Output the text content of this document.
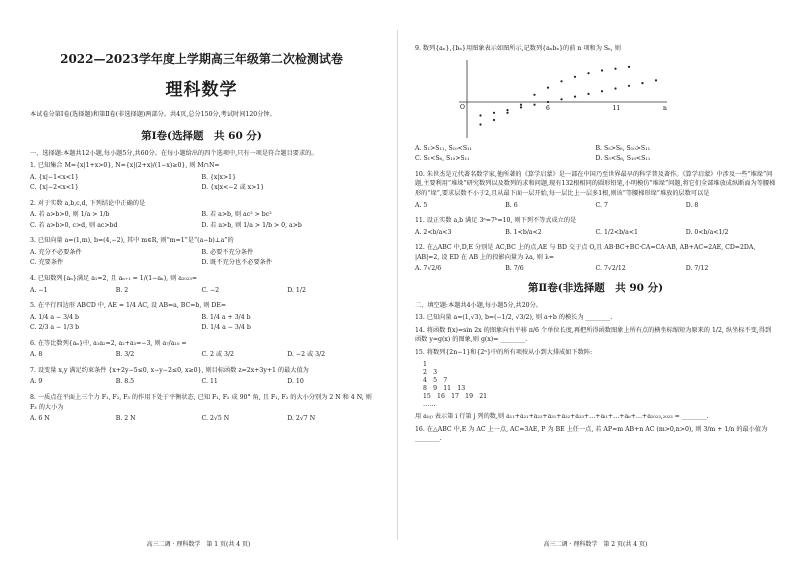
2022—2023学年度上学期高三年级第二次检测试卷
理科数学
本试卷分第Ⅰ卷(选择题)和第Ⅱ卷(非选择题)两部分。共4页,总分150分,考试时间120分钟。
第Ⅰ卷(选择题　共 60 分)
一、选择题:本题共12小题,每小题5分,共60分。在每小题给出的四个选项中,只有一项是符合题目要求的。
1. 已知集合 M={x|1+x>0}, N={x|(2+x)/(1−x)≥0}, 则 M∩N=
A. {x|−1<x<1}	B. {x|x>1}
C. {x|−2<x<1}	D. {x|x<−2 或 x>1}
2. 对于实数 a,b,c,d, 下列结论中正确的是
A. 若 a>b>0, 则 1/a > 1/b	B. 若 a>b, 则 ac² > bc²
C. 若 a>b>0, c>d, 则 ac>bd	D. 若 a>b, 则 1/a > 1/b > 0, a>b
3. 已知向量 a=(1,m), b=(4,−2), 其中 m∈R, 则“m=1”是“(a−b)⊥a”的
A. 充分不必要条件	B. 必要不充分条件
C. 充要条件	D. 既不充分也不必要条件
4. 已知数列{aₙ}满足 a₁=2, 且 aₙ₊₁ = 1/(1−aₙ), 则 a₂₀₂₃=
A. −1	B. 2	C. −2	D. 1/2
5. 在平行四边形 ABCD 中, AE = 1/4 AC, 设 AB=a, BC=b, 则 DE=
A. 1/4 a − 3/4 b	B. 1/4 a + 3/4 b
C. 2/3 a − 1/3 b	D. 1/4 a − 3/4 b
6. 在等比数列{aₙ}中, a₁a₂=2, a₂+a₃=−3, 则 a₇/a₁₀ =
A. 8	B. 3/2	C. 2 或 3/2	D. −2 或 3/2
7. 设变量 x,y 满足约束条件 {x+2y−5≤0, x−y−2≤0, x≥0}, 则目标函数 z=2x+3y+1 的最大值为
A. 9	B. 8.5	C. 11	D. 10
8. 一质点在平面上三个力 F₁, F₂, F₃ 的作用下处于平衡状态, 已知 F₁, F₂ 成 90° 角, 且 F₁, F₂ 的大小分别为 2 N 和 4 N, 则 F₃ 的大小为
A. 6 N	B. 2 N	C. 2√5 N	D. 2√7 N
高三二调 · 理科数学　第 1 页(共 4 页)
9. 数列{aₙ},{bₙ}用图象表示如图所示,记数列{aₙbₙ}的前 n 项和为 Sₙ, 则
O	6	11	n
A. S₁>S₁₁, S₁₀<S₁₁	B. S₅>S₆, S₁₀>S₁₁
C. S₁<S₆, S₁₀>S₁₁	D. S₅<S₆, S₁₀<S₁₁
10. 朱世杰是元代著名数学家,他所著的《算学启蒙》是一部在中国乃至世界最早的科学普及著作。《算学启蒙》中涉及一些“堆垛”问题,主要利用“堆垛”研究数列以及数列的求和问题,现有132根相同的圆形铅笔,小明模仿“堆垛”问题,将它们全部堆放成纵断面为等腰梯形的“垛”,要求层数不小于2,且从最下面一层开始,每一层比上一层多1根,则该“等腰梯形垛”堆放的层数可以是
A. 5	B. 6	C. 7	D. 8
11. 设正实数 a,b 满足 3ᵃ=7ᵇ=10, 则下列不等式成立的是
A. 2<b/a<3	B. 1<b/a<2	C. 1/2<b/a<1	D. 0<b/a<1/2
12. 在△ABC 中,D,E 分别是 AC,BC 上的点,AE 与 BD 交于点 O,且 AB·BC+BC·CA=CA·AB, AB+AC=2AE, CD=2DA, |AB|=2, 设 ED 在 AB 上的投影向量为 λa, 则 λ=
A. 7√2/6	B. 7/6	C. 7√2/12	D. 7/12
第Ⅱ卷(非选择题　共 90 分)
二、填空题:本题共4小题,每小题5分,共20分。
13. 已知向量 a=(1,√3), b=(−1/2, √3/2), 则 a+b 的模长为 ________.
14. 将函数 f(x)=sin 2x 的图象向右平移 π/6 个单位长度,再把所得函数图象上所有点的横坐标缩短为原来的 1/2, 纵坐标不变,得到函数 y=g(x) 的图象,则 g(x)= ________.
15. 将数列{2n−1}和{2ⁿ}中的所有项按从小到大排成如下数阵:
1
2　3
4　5　7
8　9　11　13
15　16　17　19　21
……
用 a₍ᵢⱼ₎ 表示第 i 行第 j 列的数,则 a₁₁+a₂₁+a₂₂+a₃₁+a₃₂+a₃₃+…+aᵢ₁+…+aᵢᵢ+…+a₂₀₂₃,₂₀₂₃ = ________.
16. 在△ABC 中,E 为 AC 上一点, AC=3AE, P 为 BE 上任一点, 若 AP=m AB+n AC (m>0,n>0), 则 3/m + 1/n 的最小值为 ________.
高三二调 · 理科数学　第 2 页(共 4 页)
